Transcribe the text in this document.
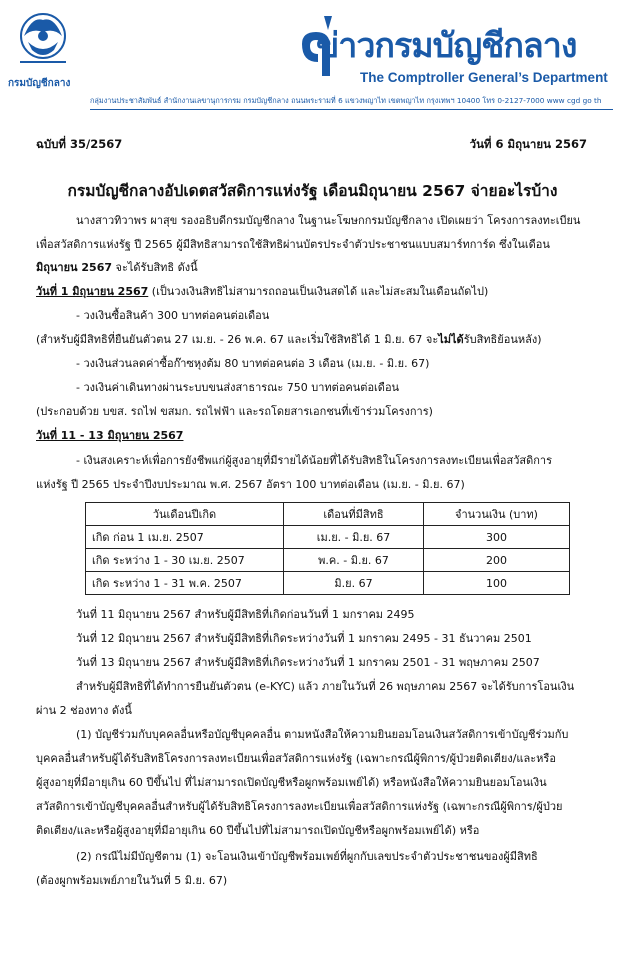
กรมบัญชีกลาง
ข่าวกรมบัญชีกลาง
The Comptroller General’s Department
กลุ่มงานประชาสัมพันธ์ สำนักงานเลขานุการกรม กรมบัญชีกลาง ถนนพระรามที่ 6 แขวงพญาไท เขตพญาไท กรุงเทพฯ 10400 โทร 0-2127-7000 www cgd go th
ฉบับที่ 35/2567	วันที่ 6 มิถุนายน 2567
กรมบัญชีกลางอัปเดตสวัสดิการแห่งรัฐ เดือนมิถุนายน 2567 จ่ายอะไรบ้าง
นางสาวทิวาพร ผาสุข รองอธิบดีกรมบัญชีกลาง ในฐานะโฆษกกรมบัญชีกลาง เปิดเผยว่า โครงการลงทะเบียน
เพื่อสวัสดิการแห่งรัฐ ปี 2565 ผู้มีสิทธิสามารถใช้สิทธิผ่านบัตรประจำตัวประชาชนแบบสมาร์ทการ์ด ซึ่งในเดือน
มิถุนายน 2567 จะได้รับสิทธิ ดังนี้
วันที่ 1 มิถุนายน 2567 (เป็นวงเงินสิทธิไม่สามารถถอนเป็นเงินสดได้ และไม่สะสมในเดือนถัดไป)
- วงเงินซื้อสินค้า 300 บาทต่อคนต่อเดือน
(สำหรับผู้มีสิทธิที่ยืนยันตัวตน 27 เม.ย. - 26 พ.ค. 67 และเริ่มใช้สิทธิได้ 1 มิ.ย. 67 จะไม่ได้รับสิทธิย้อนหลัง)
- วงเงินส่วนลดค่าซื้อก๊าซหุงต้ม 80 บาทต่อคนต่อ 3 เดือน (เม.ย. - มิ.ย. 67)
- วงเงินค่าเดินทางผ่านระบบขนส่งสาธารณะ 750 บาทต่อคนต่อเดือน
(ประกอบด้วย บขส. รถไฟ ขสมก. รถไฟฟ้า และรถโดยสารเอกชนที่เข้าร่วมโครงการ)
วันที่ 11 - 13 มิถุนายน 2567
- เงินสงเคราะห์เพื่อการยังชีพแก่ผู้สูงอายุที่มีรายได้น้อยที่ได้รับสิทธิในโครงการลงทะเบียนเพื่อสวัสดิการ
แห่งรัฐ ปี 2565 ประจำปีงบประมาณ พ.ศ. 2567 อัตรา 100 บาทต่อเดือน (เม.ย. - มิ.ย. 67)
วันเดือนปีเกิด	เดือนที่มีสิทธิ	จำนวนเงิน (บาท)
เกิด ก่อน 1 เม.ย. 2507	เม.ย. - มิ.ย. 67	300
เกิด ระหว่าง 1 - 30 เม.ย. 2507	พ.ค. - มิ.ย. 67	200
เกิด ระหว่าง 1 - 31 พ.ค. 2507	มิ.ย. 67	100
วันที่ 11 มิถุนายน 2567 สำหรับผู้มีสิทธิที่เกิดก่อนวันที่ 1 มกราคม 2495
วันที่ 12 มิถุนายน 2567 สำหรับผู้มีสิทธิที่เกิดระหว่างวันที่ 1 มกราคม 2495 - 31 ธันวาคม 2501
วันที่ 13 มิถุนายน 2567 สำหรับผู้มีสิทธิที่เกิดระหว่างวันที่ 1 มกราคม 2501 - 31 พฤษภาคม 2507
สำหรับผู้มีสิทธิที่ได้ทำการยืนยันตัวตน (e-KYC) แล้ว ภายในวันที่ 26 พฤษภาคม 2567 จะได้รับการโอนเงิน
ผ่าน 2 ช่องทาง ดังนี้
(1) บัญชีร่วมกับบุคคลอื่นหรือบัญชีบุคคลอื่น ตามหนังสือให้ความยินยอมโอนเงินสวัสดิการเข้าบัญชีร่วมกับ
บุคคลอื่นสำหรับผู้ได้รับสิทธิโครงการลงทะเบียนเพื่อสวัสดิการแห่งรัฐ (เฉพาะกรณีผู้พิการ/ผู้ป่วยติดเตียง/และหรือ
ผู้สูงอายุที่มีอายุเกิน 60 ปีขึ้นไป ที่ไม่สามารถเปิดบัญชีหรือผูกพร้อมเพย์ได้) หรือหนังสือให้ความยินยอมโอนเงิน
สวัสดิการเข้าบัญชีบุคคลอื่นสำหรับผู้ได้รับสิทธิโครงการลงทะเบียนเพื่อสวัสดิการแห่งรัฐ (เฉพาะกรณีผู้พิการ/ผู้ป่วย
ติดเตียง/และหรือผู้สูงอายุที่มีอายุเกิน 60 ปีขึ้นไปที่ไม่สามารถเปิดบัญชีหรือผูกพร้อมเพย์ได้) หรือ
(2) กรณีไม่มีบัญชีตาม (1) จะโอนเงินเข้าบัญชีพร้อมเพย์ที่ผูกกับเลขประจำตัวประชาชนของผู้มีสิทธิ
(ต้องผูกพร้อมเพย์ภายในวันที่ 5 มิ.ย. 67)
